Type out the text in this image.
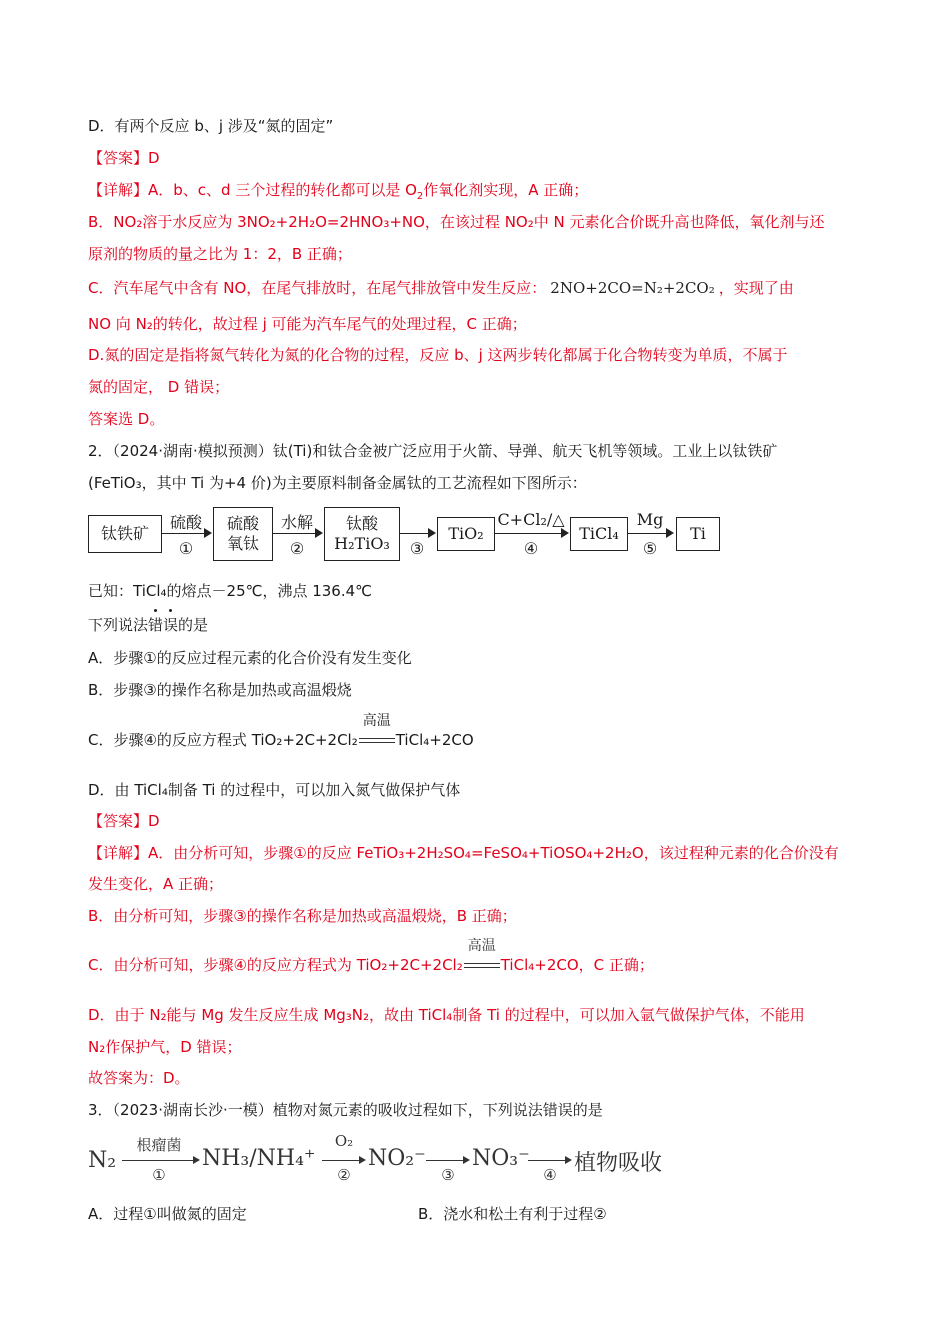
D．有两个反应 b、j 涉及“氮的固定”
【答案】D
【详解】A．b、c、d 三个过程的转化都可以是 $O_2$作氧化剂实现，A 正确；
B．NO₂溶于水反应为 3NO₂+2H₂O=2HNO₃+NO，在该过程 NO₂中 N 元素化合价既升高也降低，氧化剂与还
原剂的物质的量之比为 1：2，B 正确；
C．汽车尾气中含有 NO，在尾气排放时，在尾气排放管中发生反应： 2NO+2CO=N₂+2CO₂ ，实现了由
NO 向 N₂的转化，故过程 j 可能为汽车尾气的处理过程，C 正确；
D.氮的固定是指将氮气转化为氮的化合物的过程，反应 b、j 这两步转化都属于化合物转变为单质，不属于
氮的固定， D 错误；
答案选 D。
2．（2024·湖南·模拟预测）钛(Ti)和钛合金被广泛应用于火箭、导弹、航天飞机等领域。工业上以钛铁矿
(FeTiO₃，其中 Ti 为+4 价)为主要原料制备金属钛的工艺流程如下图所示：
钛铁矿
硫酸
①
硫酸
氧钛
水解
②
钛酸
H₂TiO₃	③
TiO₂
C+Cl₂/△
④
TiCl₄
Mg
⑤
Ti
已知：TiCl₄的熔点－25℃，沸点 136.4℃
下列说法
错
误的是
A．步骤①的反应过程元素的化合价没有发生变化
B．步骤③的操作名称是加热或高温煅烧
C．步骤④的反应方程式 TiO₂+2C+2Cl₂
高温
TiCl₄+2CO
D．由 TiCl₄制备 Ti 的过程中，可以加入氮气做保护气体
【答案】D
【详解】A．由分析可知，步骤①的反应 FeTiO₃+2H₂SO₄=FeSO₄+TiOSO₄+2H₂O，该过程种元素的化合价没有
发生变化，A 正确；
B．由分析可知，步骤③的操作名称是加热或高温煅烧，B 正确；
C．由分析可知，步骤④的反应方程式为 TiO₂+2C+2Cl₂
高温
TiCl₄+2CO，C 正确；
D．由于 N₂能与 Mg 发生反应生成 Mg₃N₂，故由 TiCl₄制备 Ti 的过程中，可以加入氩气做保护气体，不能用
N₂作保护气，D 错误；
故答案为：D。
3．（2023·湖南长沙·一模）植物对氮元素的吸收过程如下，下列说法错误的是
N₂
根瘤菌
①
NH₃/NH₄⁺
O₂
②
NO₂⁻
③
NO₃⁻
④ 植物吸收
A．过程①叫做氮的固定	B．浇水和松土有利于过程②
